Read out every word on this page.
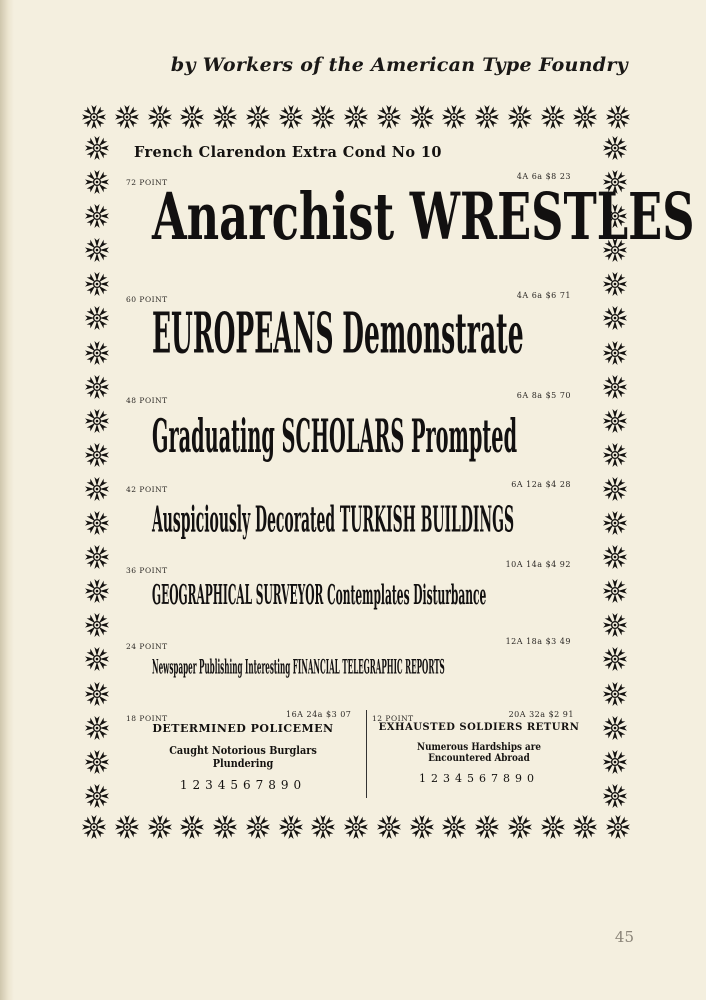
by Workers of the American Type Foundry
French Clarendon Extra Cond No 10
72 POINT
4A 6a $8 23
Anarchist WRESTLES
60 POINT	4A 6a $6 71
EUROPEANS Demonstrate
48 POINT
6A 8a $5 70
Graduating SCHOLARS Prompted
42 POINT
6A 12a $4 28
Auspiciously Decorated TURKISH BUILDINGS
36 POINT
10A 14a $4 92
GEOGRAPHICAL SURVEYOR Contemplates Disturbance
24 POINT
12A 18a $3 49
Newspaper Publishing Interesting FINANCIAL TELEGRAPHIC REPORTS
18 POINT	16A 24a $3 07
DETERMINED POLICEMEN
Caught Notorious Burglars Plundering
1234567890
12 POINT	20A 32a $2 91
EXHAUSTED SOLDIERS RETURN
Numerous Hardships are Encountered Abroad
1234567890
45
